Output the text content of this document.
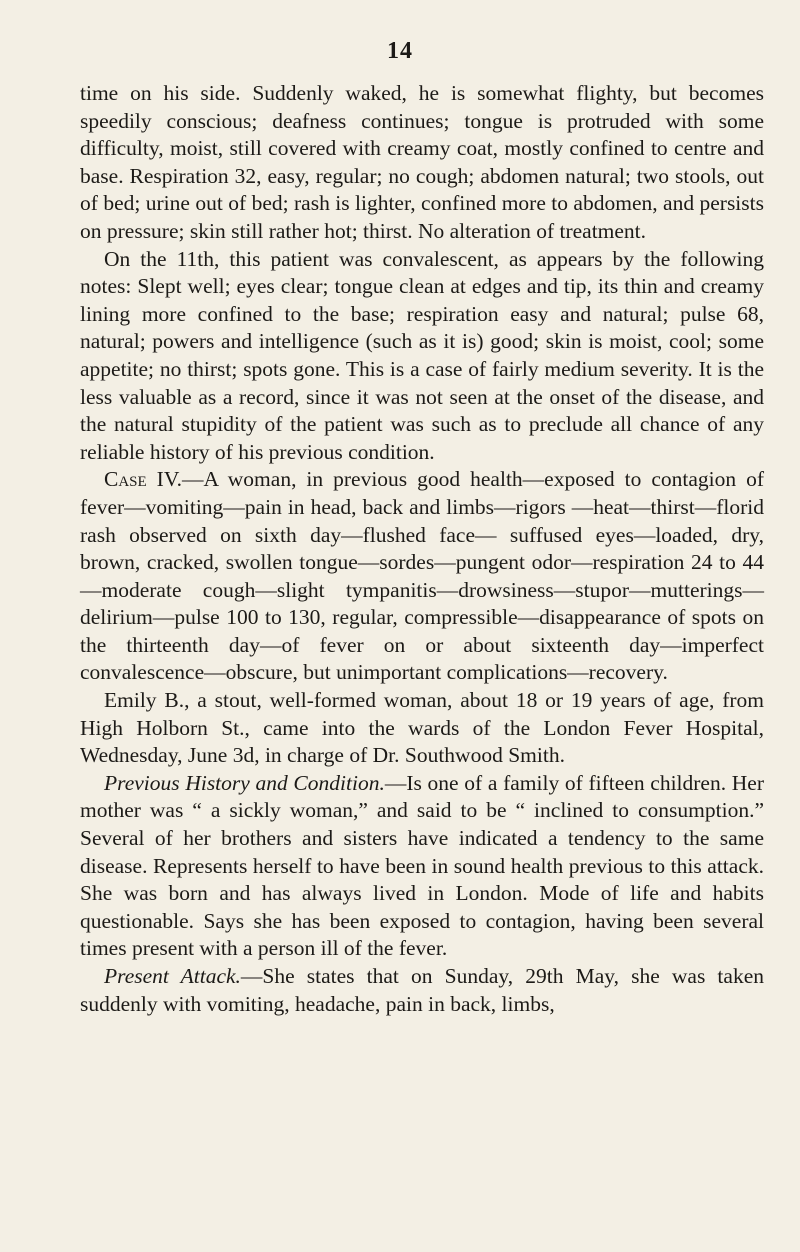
14

time on his side. Suddenly waked, he is somewhat flighty, but becomes speedily conscious; deafness continues; tongue is protruded with some difficulty, moist, still covered with creamy coat, mostly confined to centre and base. Respiration 32, easy, regular; no cough; abdomen natural; two stools, out of bed; urine out of bed; rash is lighter, confined more to abdomen, and persists on pressure; skin still rather hot; thirst. No alteration of treatment.

On the 11th, this patient was convalescent, as appears by the following notes: Slept well; eyes clear; tongue clean at edges and tip, its thin and creamy lining more confined to the base; respiration easy and natural; pulse 68, natural; powers and intelligence (such as it is) good; skin is moist, cool; some appetite; no thirst; spots gone. This is a case of fairly medium severity. It is the less valuable as a record, since it was not seen at the onset of the disease, and the natural stupidity of the patient was such as to preclude all chance of any reliable history of his previous condition.

Case IV.—A woman, in previous good health—exposed to contagion of fever—vomiting—pain in head, back and limbs—rigors —heat—thirst—florid rash observed on sixth day—flushed face— suffused eyes—loaded, dry, brown, cracked, swollen tongue—sordes—pungent odor—respiration 24 to 44—moderate cough—slight tympanitis—drowsiness—stupor—mutterings—delirium—pulse 100 to 130, regular, compressible—disappearance of spots on the thirteenth day—of fever on or about sixteenth day—imperfect convalescence—obscure, but unimportant complications—recovery.

Emily B., a stout, well-formed woman, about 18 or 19 years of age, from High Holborn St., came into the wards of the London Fever Hospital, Wednesday, June 3d, in charge of Dr. Southwood Smith.

Previous History and Condition.—Is one of a family of fifteen children. Her mother was “ a sickly woman,” and said to be “ inclined to consumption.” Several of her brothers and sisters have indicated a tendency to the same disease. Represents herself to have been in sound health previous to this attack. She was born and has always lived in London. Mode of life and habits questionable. Says she has been exposed to contagion, having been several times present with a person ill of the fever.

Present Attack.—She states that on Sunday, 29th May, she was taken suddenly with vomiting, headache, pain in back, limbs,
